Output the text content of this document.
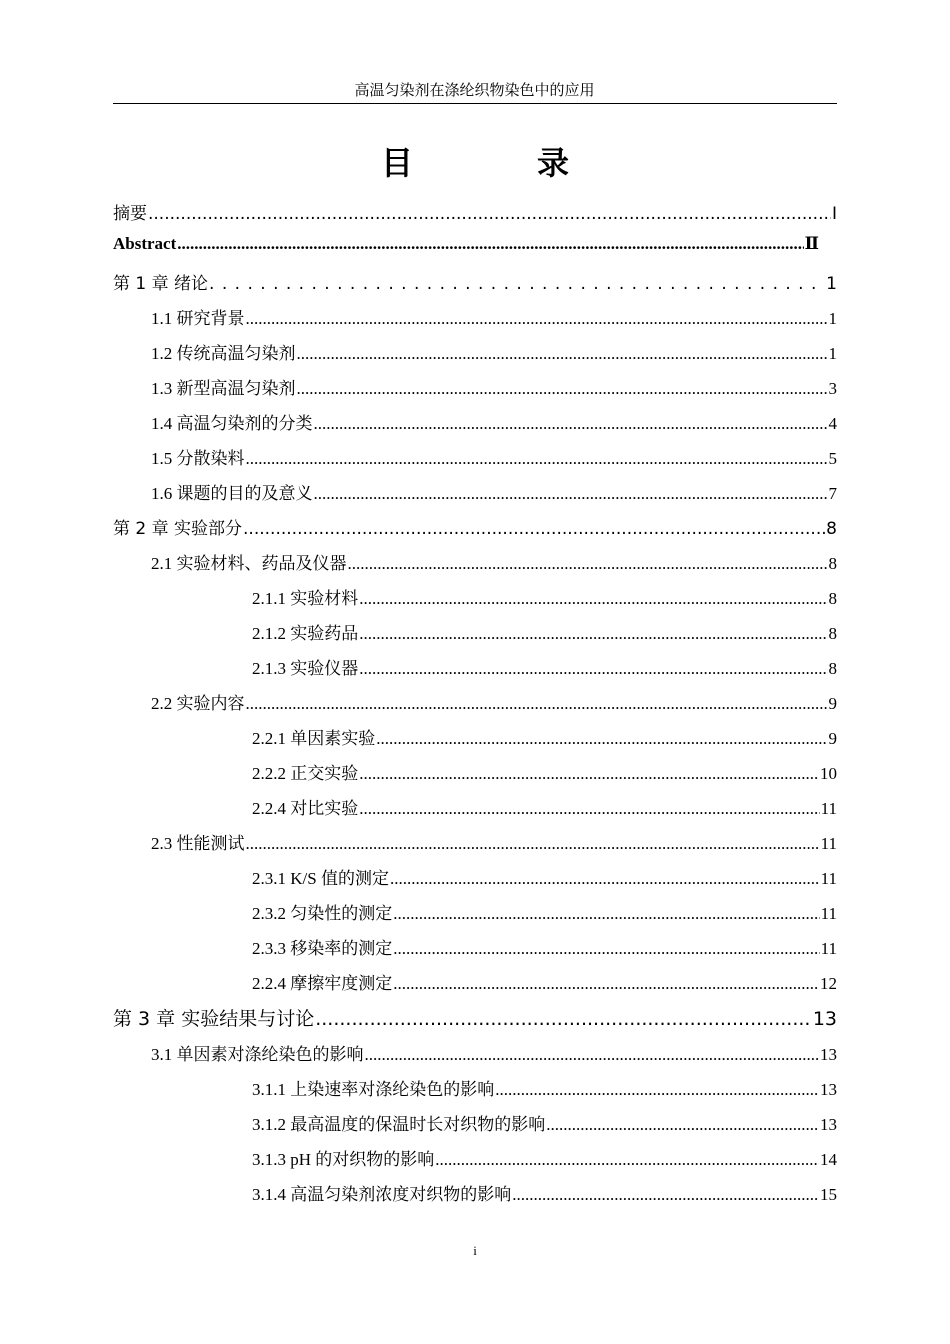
高温匀染剂在涤纶织物染色中的应用
目　录
摘要 .....	Ⅰ
Abstract .....	Ⅱ
第 1 章 绪论 . . .	1
1.1 研究背景 .....	1
1.2 传统高温匀染剂 .....	1
1.3 新型高温匀染剂 .....	3
1.4 高温匀染剂的分类 .....	4
1.5 分散染料 .....	5
1.6 课题的目的及意义 .....	7
第 2 章 实验部分 .....	8
2.1 实验材料、药品及仪器 .....	8
2.1.1 实验材料 .....	8
2.1.2 实验药品 .....	8
2.1.3 实验仪器 .....	8
2.2 实验内容 .....	9
2.2.1 单因素实验 .....	9
2.2.2 正交实验 .....	10
2.2.4 对比实验 .....	11
2.3 性能测试 .....	11
2.3.1 K/S 值的测定 .....	11
2.3.2 匀染性的测定 .....	11
2.3.3 移染率的测定 .....	11
2.2.4 摩擦牢度测定 .....	12
第 3 章 实验结果与讨论 .....	13
3.1 单因素对涤纶染色的影响 .....	13
3.1.1 上染速率对涤纶染色的影响 .....	13
3.1.2 最高温度的保温时长对织物的影响 .....	13
3.1.3 pH 的对织物的影响 .....	14
3.1.4 高温匀染剂浓度对织物的影响 .....	15
i
